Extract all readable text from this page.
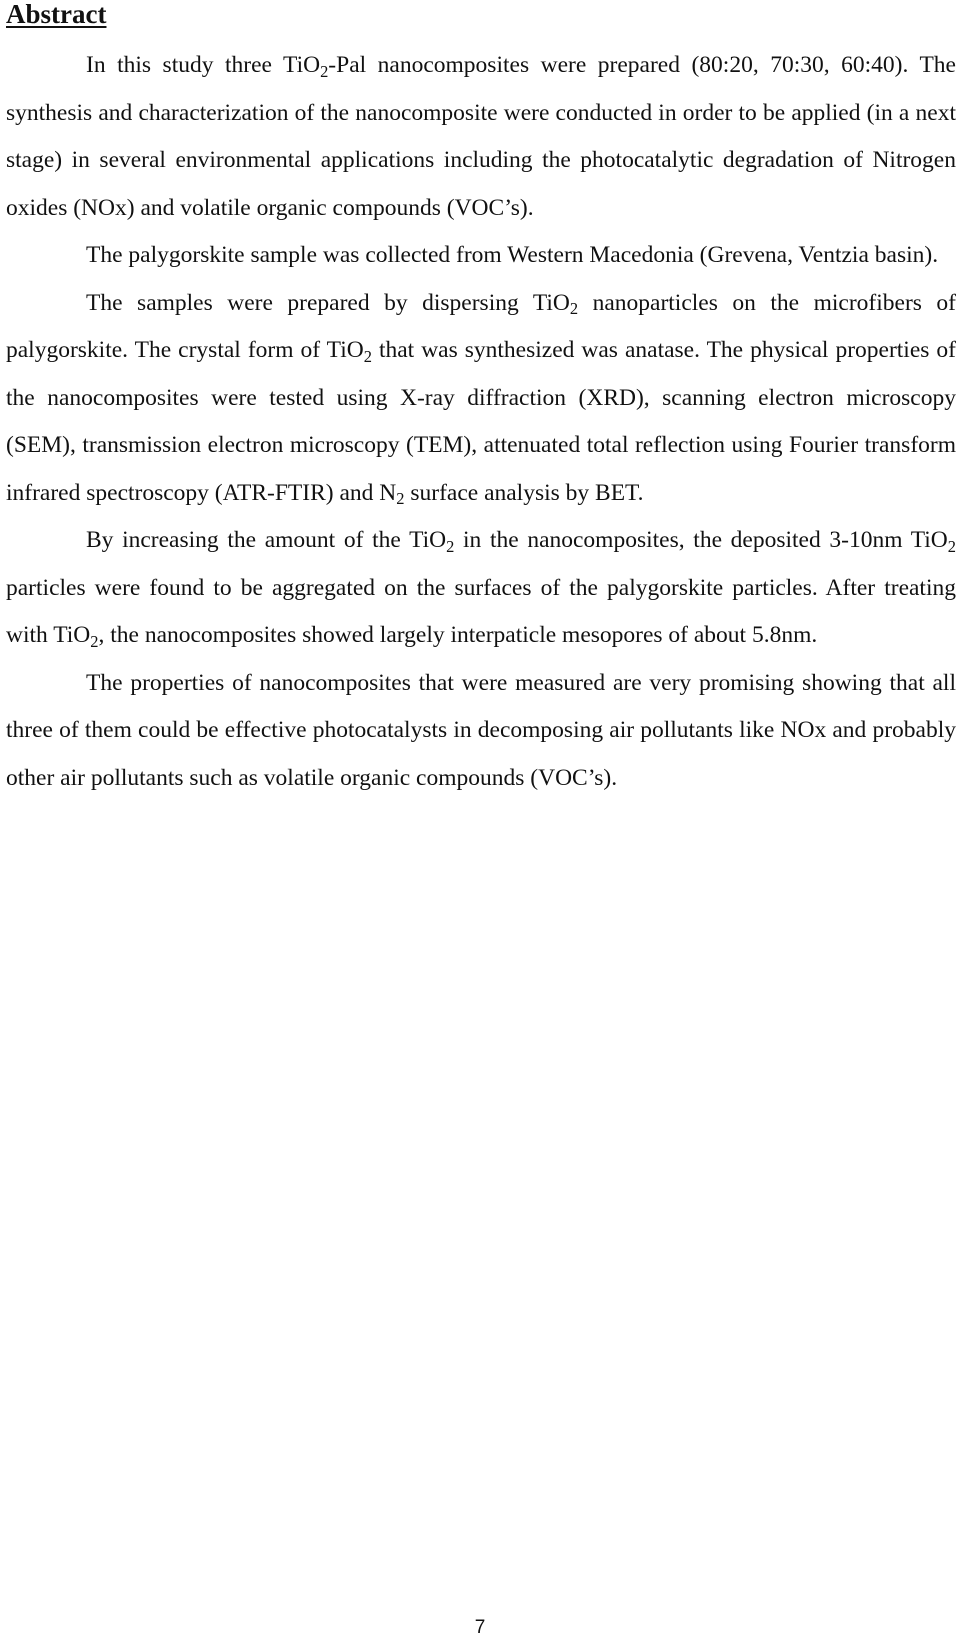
Abstract

In this study three TiO$_2$-Pal nanocomposites were prepared (80:20, 70:30, 60:40). The synthesis and characterization of the nanocomposite were conducted in order to be applied (in a next stage) in several environmental applications including the photocatalytic degradation of Nitrogen oxides (NOx) and volatile organic compounds (VOC’s).

The palygorskite sample was collected from Western Macedonia (Grevena, Ventzia basin).

The samples were prepared by dispersing TiO$_2$ nanoparticles on the microfibers of palygorskite. The crystal form of TiO$_2$ that was synthesized was anatase. The physical properties of the nanocomposites were tested using X-ray diffraction (XRD), scanning electron microscopy (SEM), transmission electron microscopy (TEM), attenuated total reflection using Fourier transform infrared spectroscopy (ATR-FTIR) and $N_2$ surface analysis by BET.

By increasing the amount of the TiO$_2$ in the nanocomposites, the deposited 3-10nm TiO$_2$ particles were found to be aggregated on the surfaces of the palygorskite particles. After treating with TiO$_2$, the nanocomposites showed largely interpaticle mesopores of about 5.8nm.

The properties of nanocomposites that were measured are very promising showing that all three of them could be effective photocatalysts in decomposing air pollutants like NOx and probably other air pollutants such as volatile organic compounds (VOC’s).

7
